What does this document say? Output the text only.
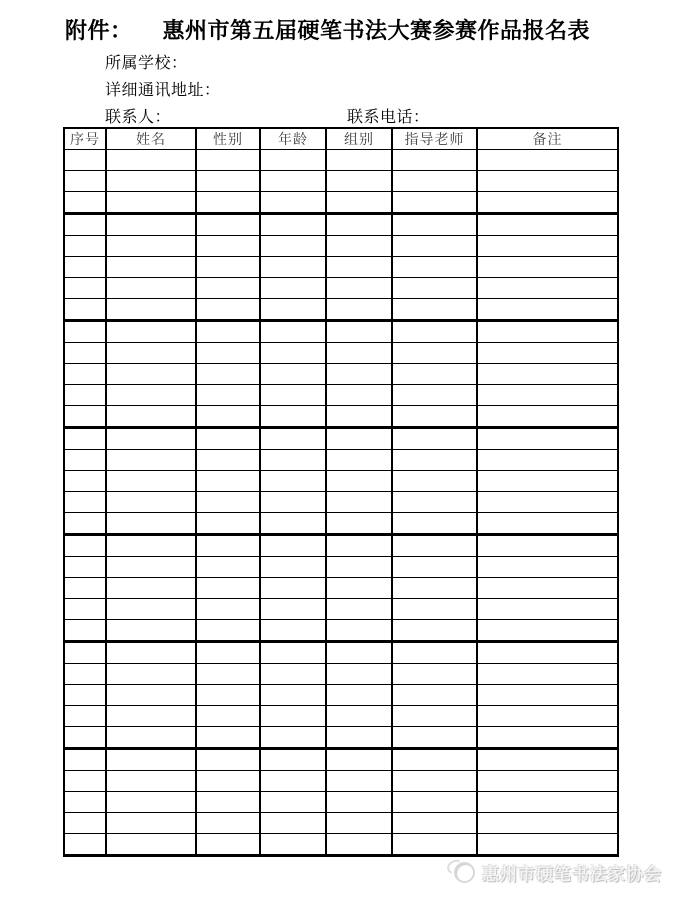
附件： 惠州市第五届硬笔书法大赛参赛作品报名表
所属学校：
详细通讯地址：
联系人：	联系电话：
序号	姓名	性别	年龄	组别	指导老师	备注

惠州市硬笔书法家协会
